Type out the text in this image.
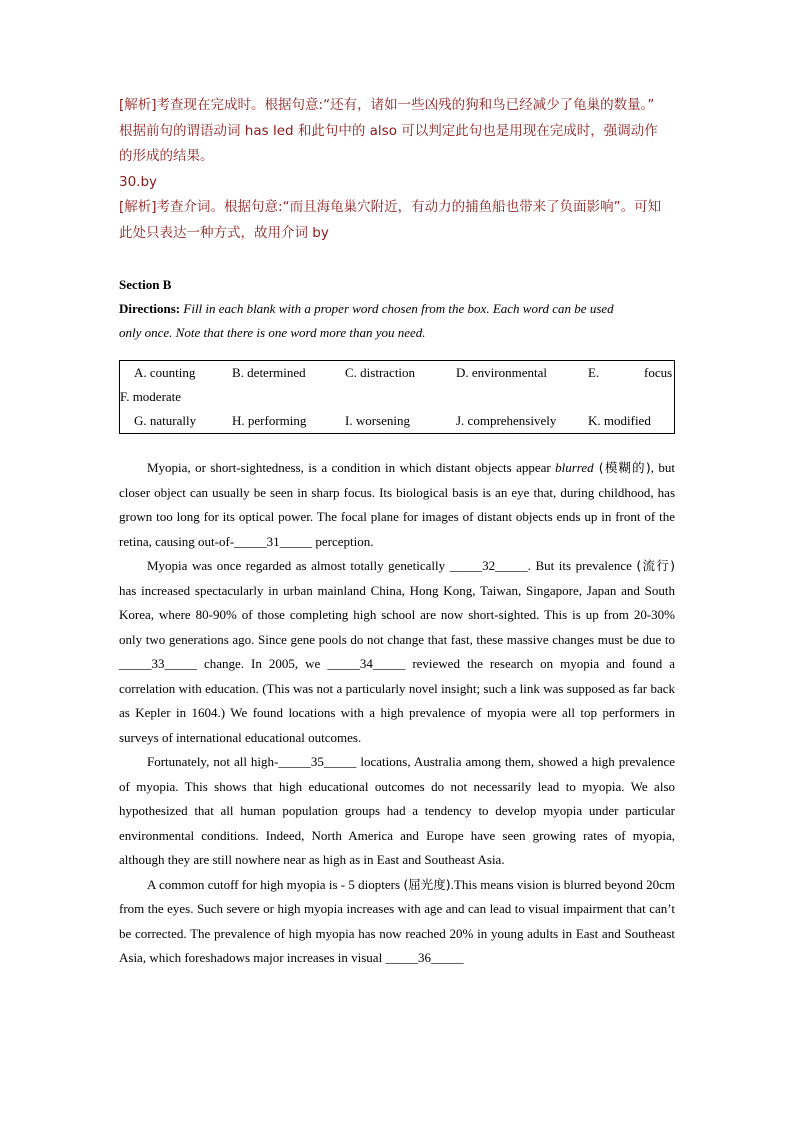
[解析]考查现在完成时。根据句意:“还有，诸如一些凶残的狗和鸟已经减少了龟巢的数量。”
根据前句的谓语动词 has led 和此句中的 also 可以判定此句也是用现在完成时，强调动作
的形成的结果。
30.by
[解析]考查介词。根据句意:“而且海龟巢穴附近，有动力的捕鱼船也带来了负面影响”。可知
此处只表达一种方式，故用介词 by
Section B
Directions: Fill in each blank with a proper word chosen from the box. Each word can be used
only once. Note that there is one word more than you need.
A. counting	B. determined	C. distraction	D. environmental	E.	focus
F. moderate
G. naturally	H. performing	I. worsening	J. comprehensively K. modified

Myopia, or short-sightedness, is a condition in which distant objects appear blurred (模糊的), but closer object can usually be seen in sharp focus. Its biological basis is an eye that, during childhood, has grown too long for its optical power. The focal plane for images of distant objects ends up in front of the retina, causing out-of-_____31_____ perception.

Myopia was once regarded as almost totally genetically _____32_____. But its prevalence (流行) has increased spectacularly in urban mainland China, Hong Kong, Taiwan, Singapore, Japan and South Korea, where 80-90% of those completing high school are now short-sighted. This is up from 20-30% only two generations ago. Since gene pools do not change that fast, these massive changes must be due to _____33_____ change. In 2005, we _____34_____ reviewed the research on myopia and found a correlation with education. (This was not a particularly novel insight; such a link was supposed as far back as Kepler in 1604.) We found locations with a high prevalence of myopia were all top performers in surveys of international educational outcomes.

Fortunately, not all high-_____35_____ locations, Australia among them, showed a high prevalence of myopia. This shows that high educational outcomes do not necessarily lead to myopia. We also hypothesized that all human population groups had a tendency to develop myopia under particular environmental conditions. Indeed, North America and Europe have seen growing rates of myopia, although they are still nowhere near as high as in East and Southeast Asia.

A common cutoff for high myopia is - 5 diopters (屈光度).This means vision is blurred beyond 20cm from the eyes. Such severe or high myopia increases with age and can lead to visual impairment that can’t be corrected. The prevalence of high myopia has now reached 20% in young adults in East and Southeast Asia, which foreshadows major increases in visual _____36_____
